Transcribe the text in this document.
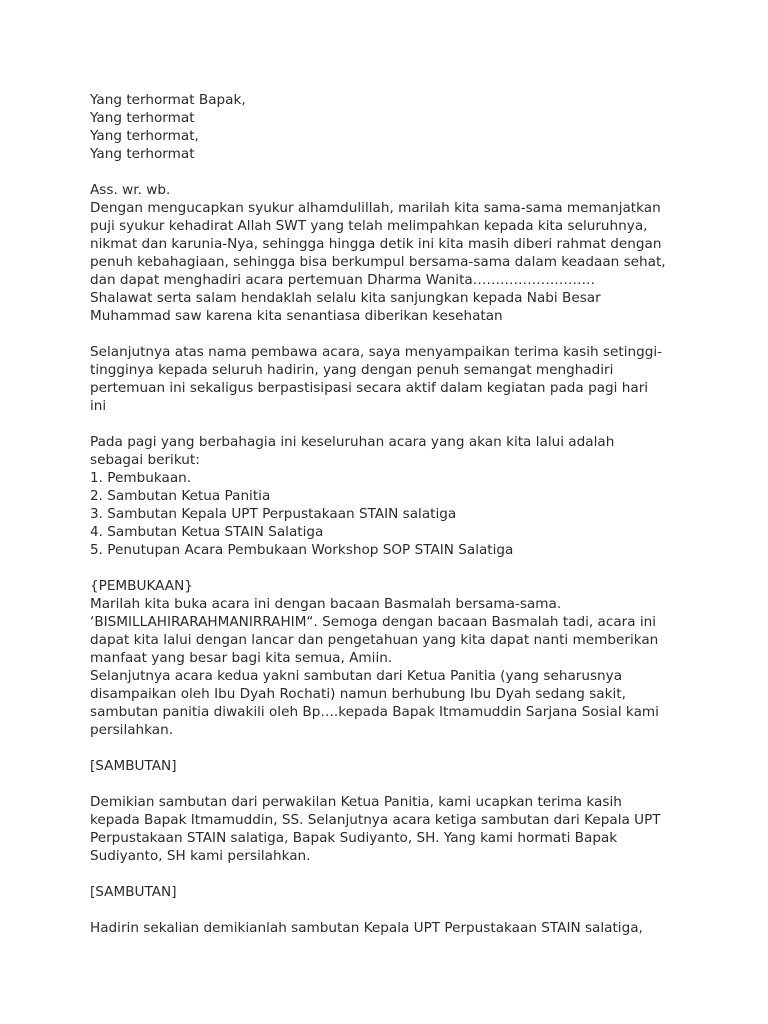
Yang terhormat Bapak,
Yang terhormat
Yang terhormat,
Yang terhormat
Ass. wr. wb.
Dengan mengucapkan syukur alhamdulillah, marilah kita sama-sama memanjatkan
puji syukur kehadirat Allah SWT yang telah melimpahkan kepada kita seluruhnya,
nikmat dan karunia-Nya, sehingga hingga detik ini kita masih diberi rahmat dengan
penuh kebahagiaan, sehingga bisa berkumpul bersama-sama dalam keadaan sehat,
dan dapat menghadiri acara pertemuan Dharma Wanita………………………
Shalawat serta salam hendaklah selalu kita sanjungkan kepada Nabi Besar
Muhammad saw karena kita senantiasa diberikan kesehatan
Selanjutnya atas nama pembawa acara, saya menyampaikan terima kasih setinggi-
tingginya kepada seluruh hadirin, yang dengan penuh semangat menghadiri
pertemuan ini sekaligus berpastisipasi secara aktif dalam kegiatan pada pagi hari
ini
Pada pagi yang berbahagia ini keseluruhan acara yang akan kita lalui adalah
sebagai berikut:
1. Pembukaan.
2. Sambutan Ketua Panitia
3. Sambutan Kepala UPT Perpustakaan STAIN salatiga
4. Sambutan Ketua STAIN Salatiga
5. Penutupan Acara Pembukaan Workshop SOP STAIN Salatiga
{PEMBUKAAN}
Marilah kita buka acara ini dengan bacaan Basmalah bersama-sama.
‘BISMILLAHIRARAHMANIRRAHIM“. Semoga dengan bacaan Basmalah tadi, acara ini
dapat kita lalui dengan lancar dan pengetahuan yang kita dapat nanti memberikan
manfaat yang besar bagi kita semua, Amiin.
Selanjutnya acara kedua yakni sambutan dari Ketua Panitia (yang seharusnya
disampaikan oleh Ibu Dyah Rochati) namun berhubung Ibu Dyah sedang sakit,
sambutan panitia diwakili oleh Bp….kepada Bapak Itmamuddin Sarjana Sosial kami
persilahkan.
[SAMBUTAN]
Demikian sambutan dari perwakilan Ketua Panitia, kami ucapkan terima kasih
kepada Bapak Itmamuddin, SS. Selanjutnya acara ketiga sambutan dari Kepala UPT
Perpustakaan STAIN salatiga, Bapak Sudiyanto, SH. Yang kami hormati Bapak
Sudiyanto, SH kami persilahkan.
[SAMBUTAN]
Hadirin sekalian demikianlah sambutan Kepala UPT Perpustakaan STAIN salatiga,
